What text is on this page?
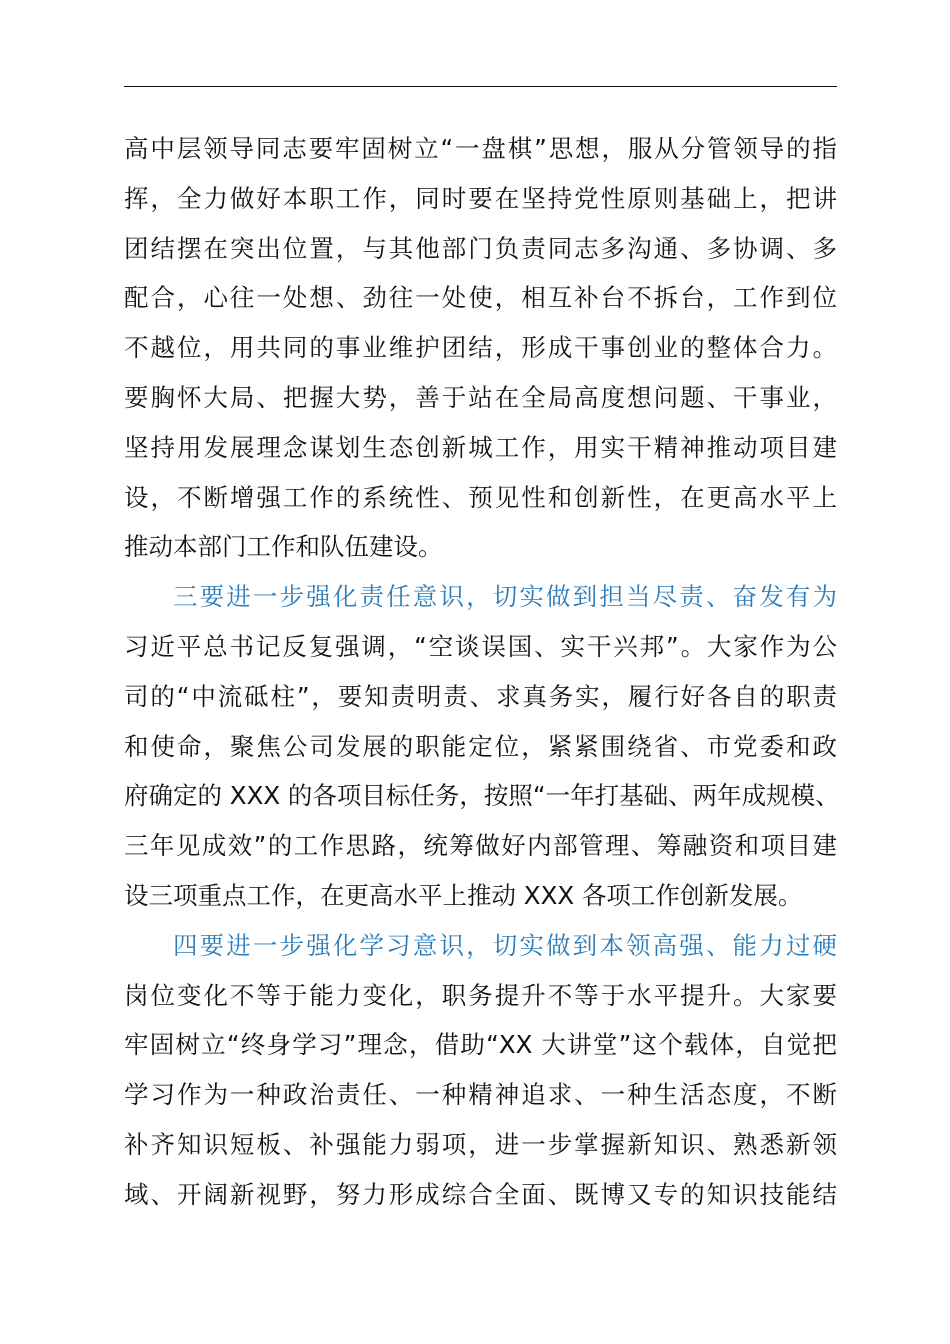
高中层领导同志要牢固树立“一盘棋”思想，服从分管领导的指
挥，全力做好本职工作，同时要在坚持党性原则基础上，把讲
团结摆在突出位置，与其他部门负责同志多沟通、多协调、多
配合，心往一处想、劲往一处使，相互补台不拆台，工作到位
不越位，用共同的事业维护团结，形成干事创业的整体合力。
要胸怀大局、把握大势，善于站在全局高度想问题、干事业，
坚持用发展理念谋划生态创新城工作，用实干精神推动项目建
设，不断增强工作的系统性、预见性和创新性，在更高水平上
推动本部门工作和队伍建设。
三要进一步强化责任意识，切实做到担当尽责、奋发有为
习近平总书记反复强调，“空谈误国、实干兴邦”。大家作为公
司的“中流砥柱”，要知责明责、求真务实，履行好各自的职责
和使命，聚焦公司发展的职能定位，紧紧围绕省、市党委和政
府确定的 XXX 的各项目标任务，按照“一年打基础、两年成规模、
三年见成效”的工作思路，统筹做好内部管理、筹融资和项目建
设三项重点工作，在更高水平上推动 XXX 各项工作创新发展。
四要进一步强化学习意识，切实做到本领高强、能力过硬
岗位变化不等于能力变化，职务提升不等于水平提升。大家要
牢固树立“终身学习”理念，借助“XX 大讲堂”这个载体，自觉把
学习作为一种政治责任、一种精神追求、一种生活态度，不断
补齐知识短板、补强能力弱项，进一步掌握新知识、熟悉新领
域、开阔新视野，努力形成综合全面、既博又专的知识技能结
